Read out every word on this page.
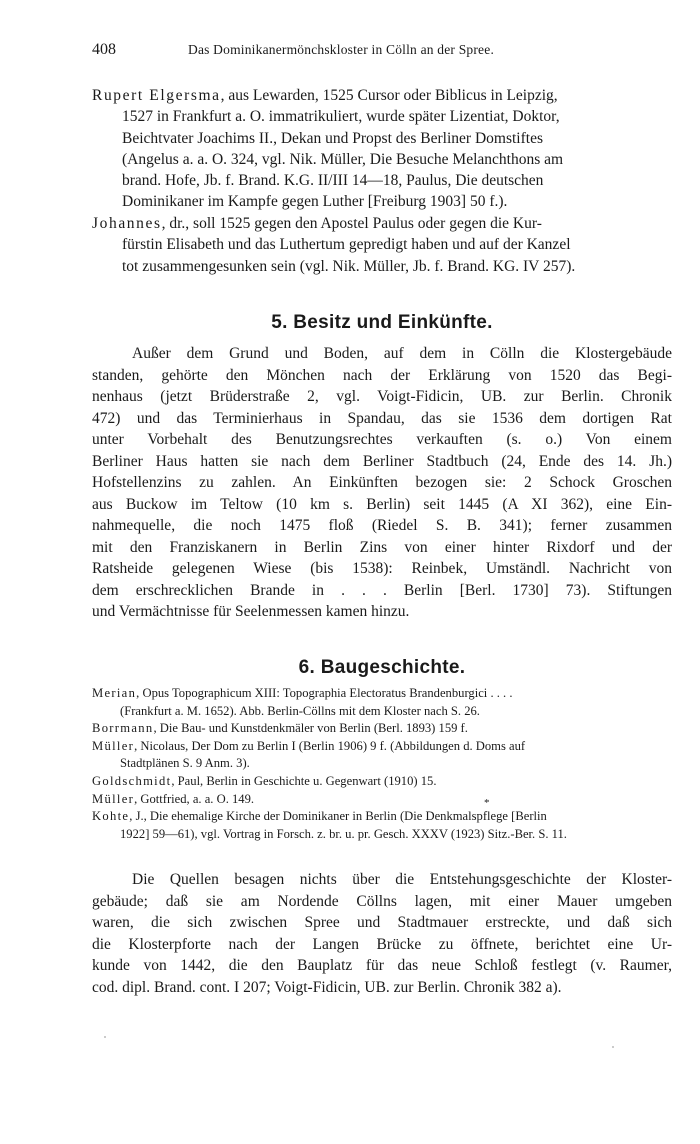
408	Das Dominikanermönchskloster in Cölln an der Spree.
Rupert Elgersma, aus Lewarden, 1525 Cursor oder Biblicus in Leipzig,
1527 in Frankfurt a. O. immatrikuliert, wurde später Lizentiat, Doktor,
Beichtvater Joachims II., Dekan und Propst des Berliner Domstiftes
(Angelus a. a. O. 324, vgl. Nik. Müller, Die Besuche Melanchthons am
brand. Hofe, Jb. f. Brand. K.G. II/III 14—18, Paulus, Die deutschen
Dominikaner im Kampfe gegen Luther [Freiburg 1903] 50 f.).
Johannes, dr., soll 1525 gegen den Apostel Paulus oder gegen die Kur-
fürstin Elisabeth und das Luthertum gepredigt haben und auf der Kanzel
tot zusammengesunken sein (vgl. Nik. Müller, Jb. f. Brand. KG. IV 257).
5. Besitz und Einkünfte.
Außer dem Grund und Boden, auf dem in Cölln die Klostergebäude
standen, gehörte den Mönchen nach der Erklärung von 1520 das Begi-
nenhaus (jetzt Brüderstraße 2, vgl. Voigt-Fidicin, UB. zur Berlin. Chronik
472) und das Terminierhaus in Spandau, das sie 1536 dem dortigen Rat
unter Vorbehalt des Benutzungsrechtes verkauften (s. o.) Von einem
Berliner Haus hatten sie nach dem Berliner Stadtbuch (24, Ende des 14. Jh.)
Hofstellenzins zu zahlen. An Einkünften bezogen sie: 2 Schock Groschen
aus Buckow im Teltow (10 km s. Berlin) seit 1445 (A XI 362), eine Ein-
nahmequelle, die noch 1475 floß (Riedel S. B. 341); ferner zusammen
mit den Franziskanern in Berlin Zins von einer hinter Rixdorf und der
Ratsheide gelegenen Wiese (bis 1538): Reinbek, Umständl. Nachricht von
dem erschrecklichen Brande in . . . Berlin [Berl. 1730] 73). Stiftungen
und Vermächtnisse für Seelenmessen kamen hinzu.
6. Baugeschichte.
Merian, Opus Topographicum XIII: Topographia Electoratus Brandenburgici . . . .
(Frankfurt a. M. 1652). Abb. Berlin-Cöllns mit dem Kloster nach S. 26.
Borrmann, Die Bau- und Kunstdenkmäler von Berlin (Berl. 1893) 159 f.
Müller, Nicolaus, Der Dom zu Berlin I (Berlin 1906) 9 f. (Abbildungen d. Doms auf
Stadtplänen S. 9 Anm. 3).
Goldschmidt, Paul, Berlin in Geschichte u. Gegenwart (1910) 15.
Müller, Gottfried, a. a. O. 149.
Kohte, J., Die ehemalige Kirche der Dominikaner in Berlin (Die Denkmalspflege [Berlin
1922] 59—61), vgl. Vortrag in Forsch. z. br. u. pr. Gesch. XXXV (1923) Sitz.-Ber. S. 11.
*
Die Quellen besagen nichts über die Entstehungsgeschichte der Kloster-
gebäude; daß sie am Nordende Cöllns lagen, mit einer Mauer umgeben
waren, die sich zwischen Spree und Stadtmauer erstreckte, und daß sich
die Klosterpforte nach der Langen Brücke zu öffnete, berichtet eine Ur-
kunde von 1442, die den Bauplatz für das neue Schloß festlegt (v. Raumer,
cod. dipl. Brand. cont. I 207; Voigt-Fidicin, UB. zur Berlin. Chronik 382 a).
